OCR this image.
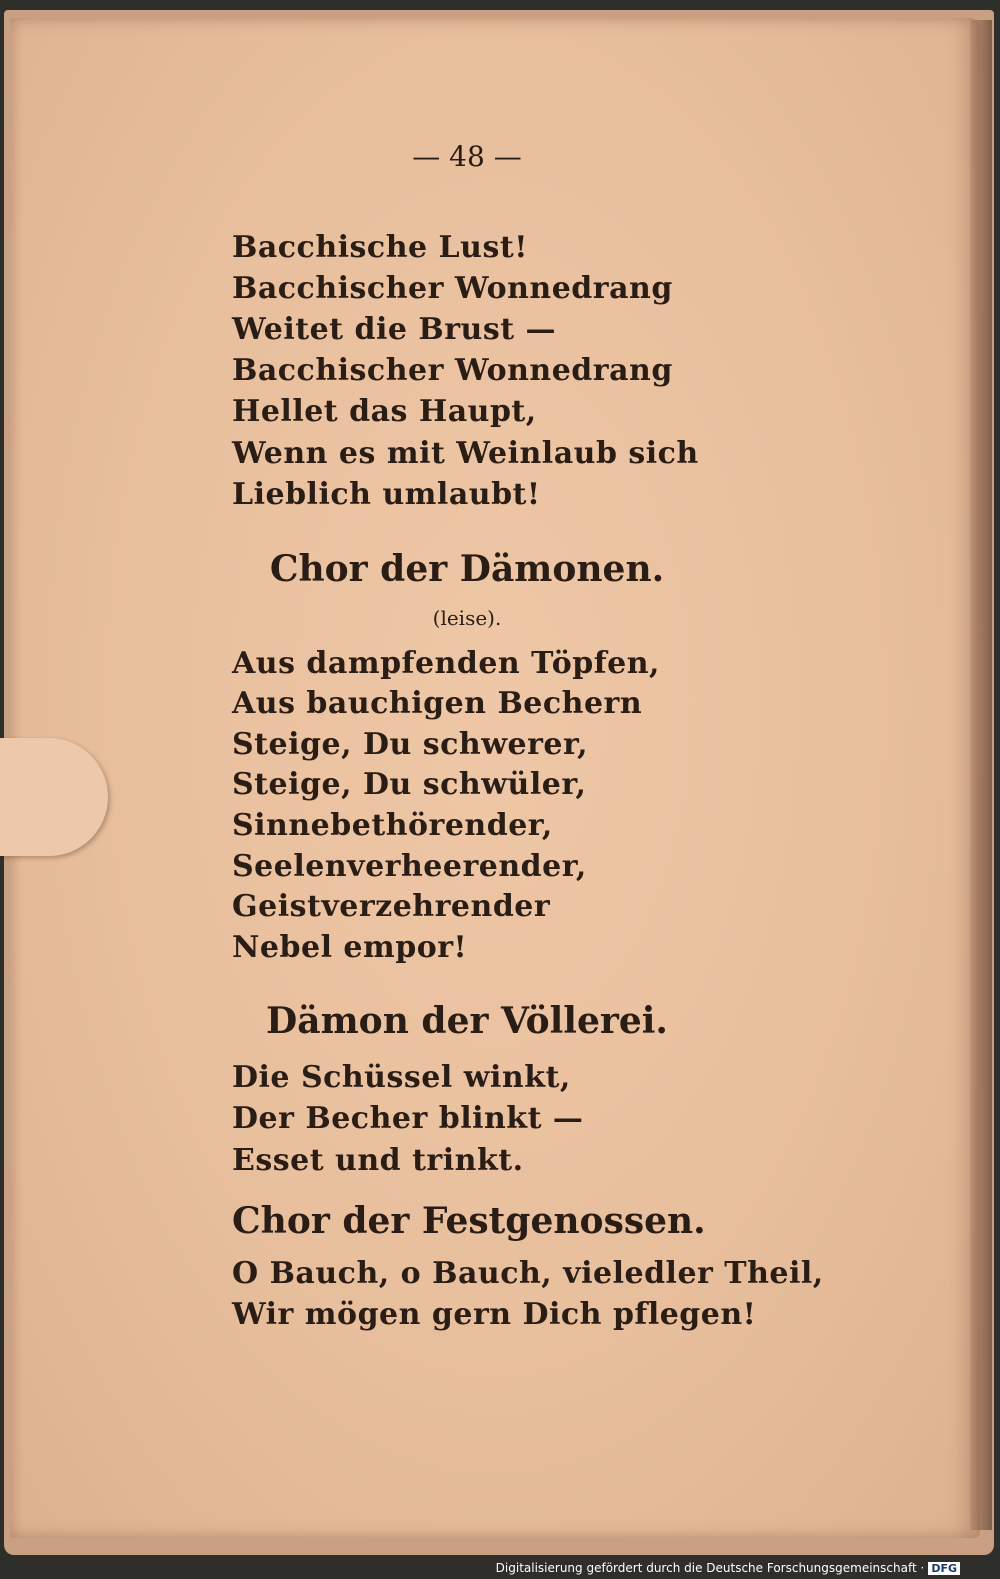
— 48 —
Bacchische Lust!
Bacchischer Wonnedrang
Weitet die Brust —
Bacchischer Wonnedrang
Hellet das Haupt,
Wenn es mit Weinlaub sich
Lieblich umlaubt!
Chor der Dämonen.
(leise).
Aus dampfenden Töpfen,
Aus bauchigen Bechern
Steige, Du schwerer,
Steige, Du schwüler,
Sinnebethörender,
Seelenverheerender,
Geistverzehrender
Nebel empor!
Dämon der Völlerei.
Die Schüssel winkt,
Der Becher blinkt —
Esset und trinkt.
Chor der Festgenossen.
O Bauch, o Bauch, vieledler Theil,
Wir mögen gern Dich pflegen!
Digitalisierung gefördert durch die Deutsche Forschungsgemeinschaft · DFG
